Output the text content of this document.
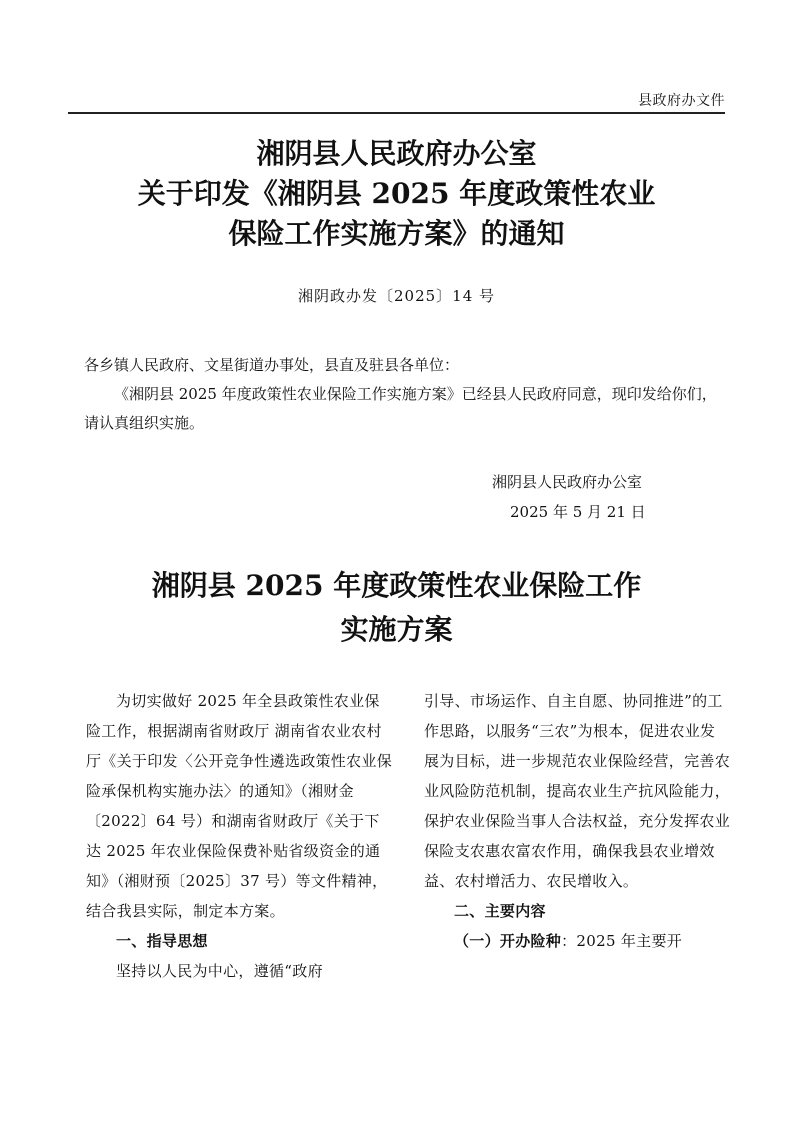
县政府办文件
湘阴县人民政府办公室
关于印发《湘阴县 2025 年度政策性农业
保险工作实施方案》的通知
湘阴政办发〔2025〕14 号
各乡镇人民政府、文星街道办事处，县直及驻县各单位：
《湘阴县 2025 年度政策性农业保险工作实施方案》已经县人民政府同意，现印发给你们，请认真组织实施。
湘阴县人民政府办公室
2025 年 5 月 21 日
湘阴县 2025 年度政策性农业保险工作
实施方案
为切实做好 2025 年全县政策性农业保险工作，根据湖南省财政厅 湖南省农业农村厅《关于印发〈公开竞争性遴选政策性农业保险承保机构实施办法〉的通知》（湘财金〔2022〕64 号）和湖南省财政厅《关于下达 2025 年农业保险保费补贴省级资金的通知》（湘财预〔2025〕37 号）等文件精神，结合我县实际，制定本方案。
一、指导思想
坚持以人民为中心，遵循“政府
引导、市场运作、自主自愿、协同推进”的工作思路，以服务“三农”为根本，促进农业发展为目标，进一步规范农业保险经营，完善农业风险防范机制，提高农业生产抗风险能力，保护农业保险当事人合法权益，充分发挥农业保险支农惠农富农作用，确保我县农业增效益、农村增活力、农民增收入。
二、主要内容
（一）开办险种：2025 年主要开
